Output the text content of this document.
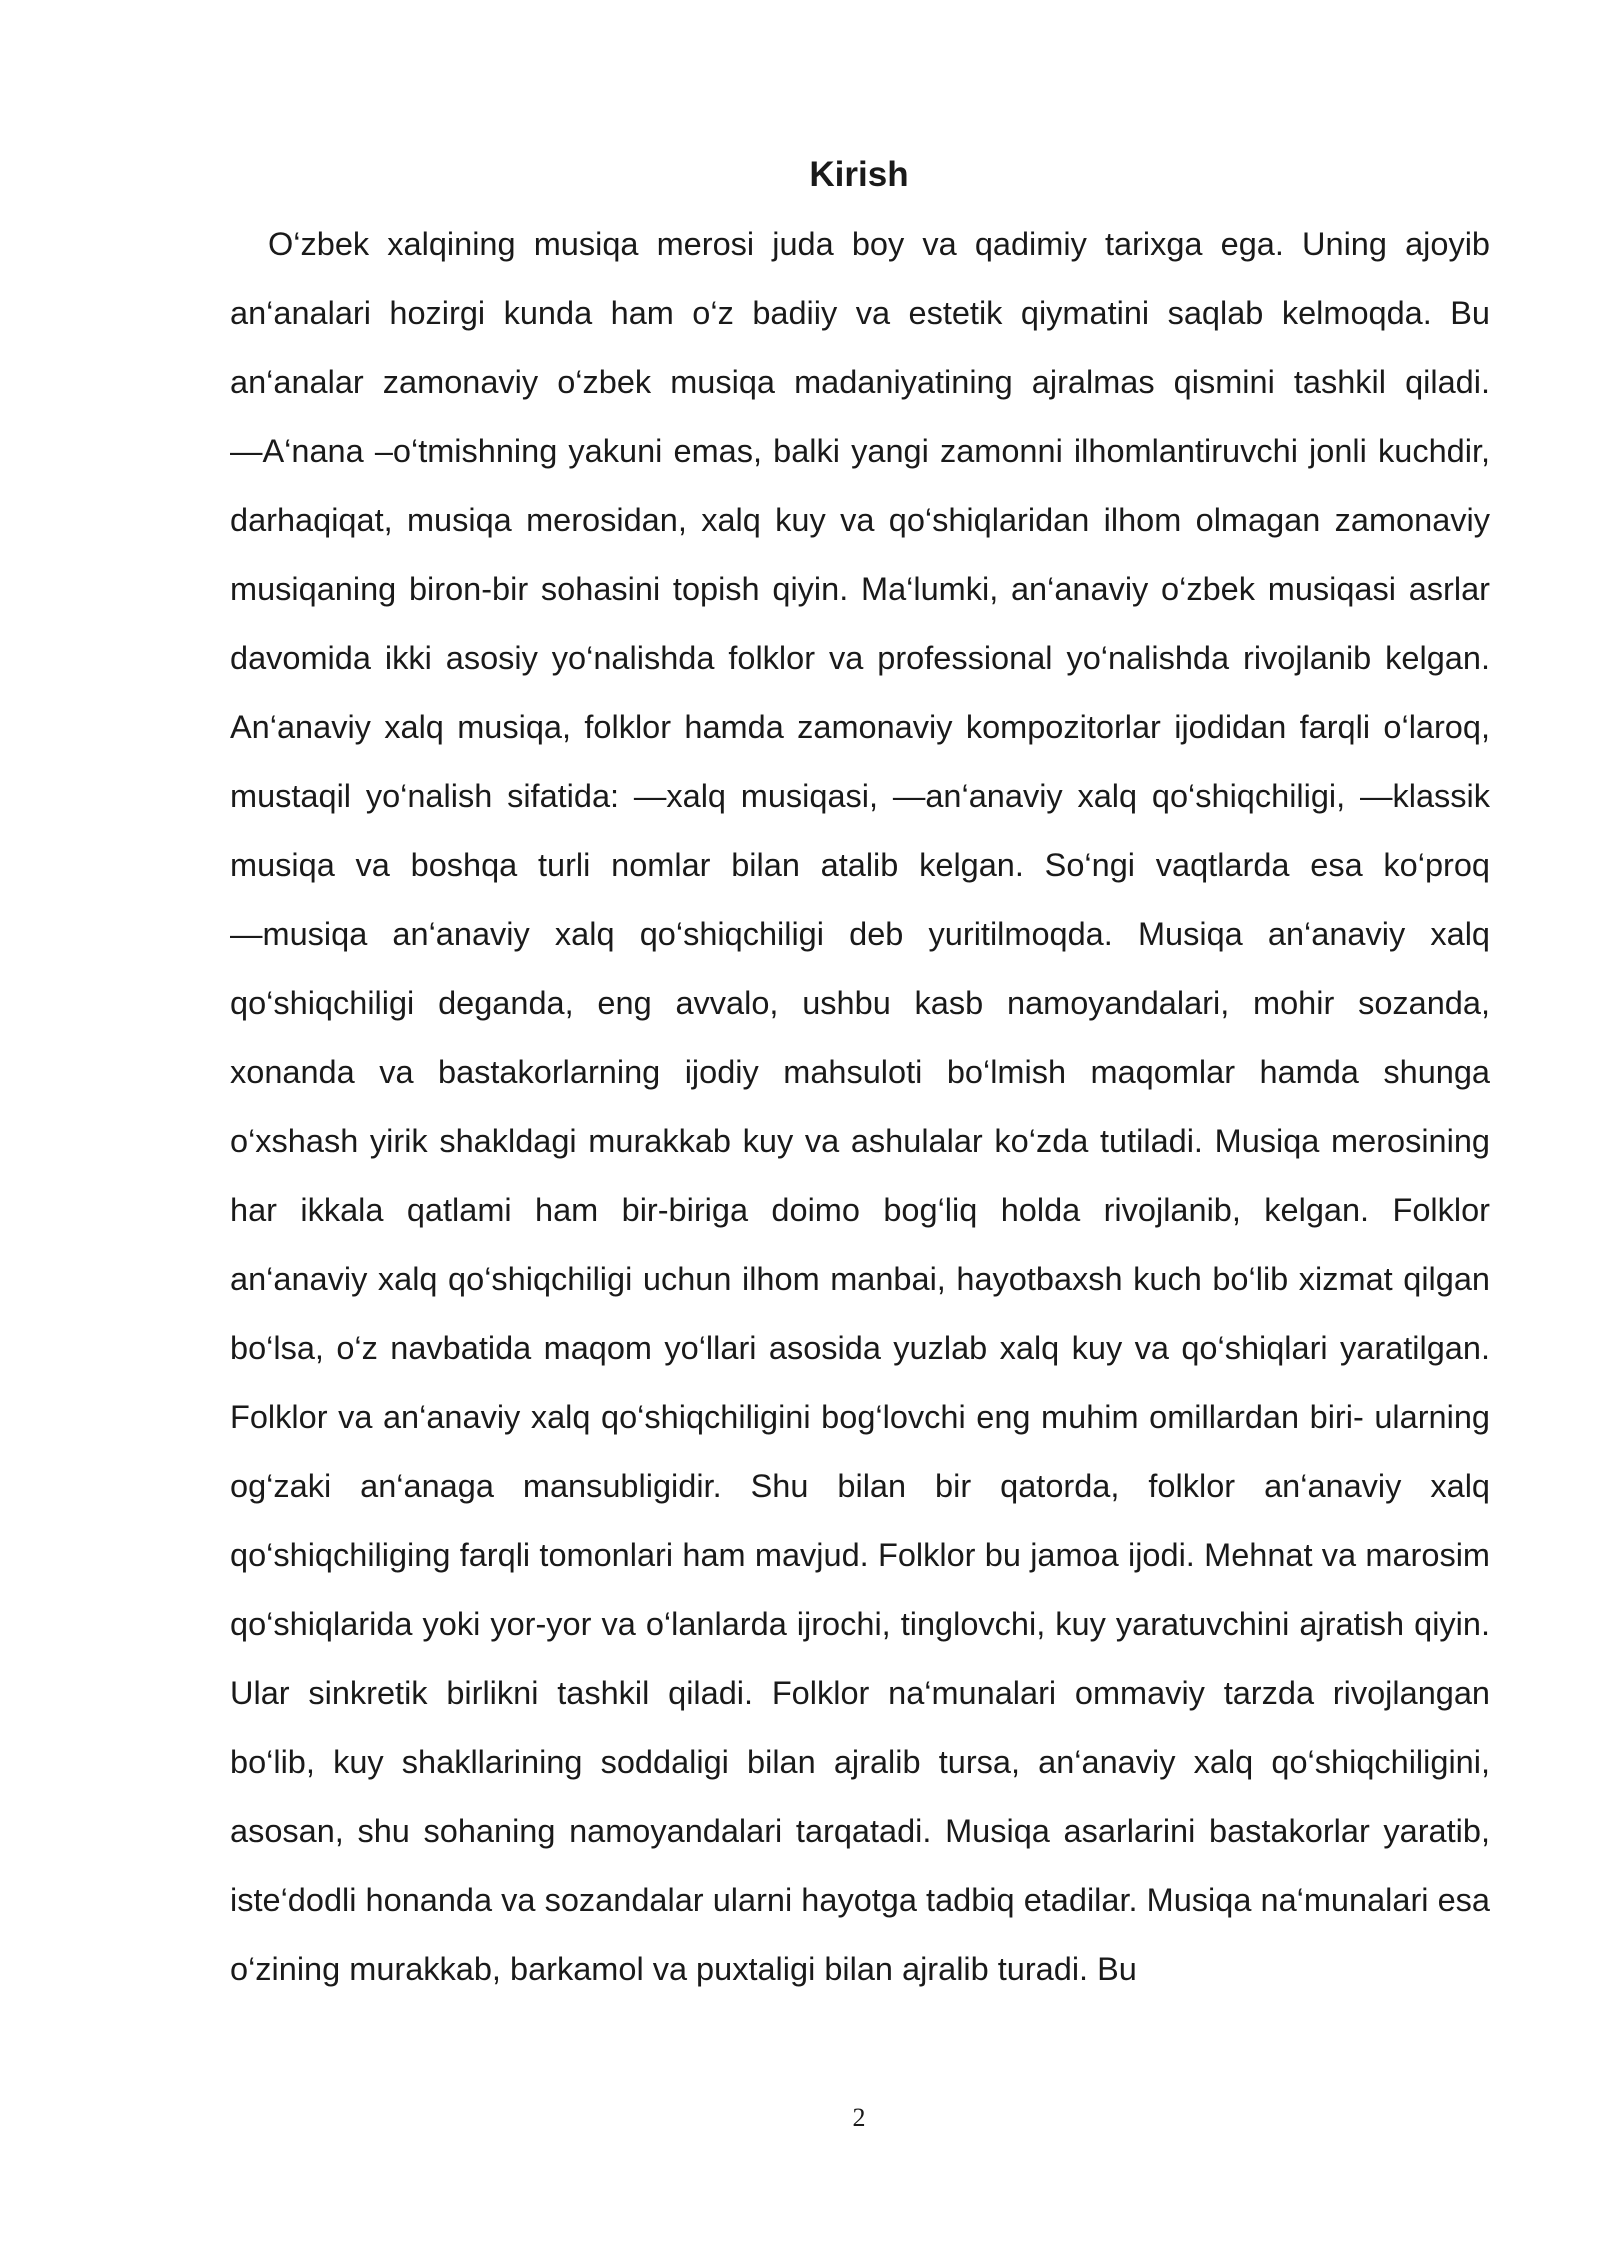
Kirish

O‘zbek xalqining musiqa merosi juda boy va qadimiy tarixga ega. Uning ajoyib an‘analari hozirgi kunda ham o‘z badiiy va estetik qiymatini saqlab kelmoqda. Bu an‘analar zamonaviy o‘zbek musiqa madaniyatining ajralmas qismini tashkil qiladi. ―A‘nana –o‘tmishning yakuni emas, balki yangi zamonni ilhomlantiruvchi jonli kuchdir, darhaqiqat, musiqa merosidan, xalq kuy va qo‘shiqlaridan ilhom olmagan zamonaviy musiqaning biron-bir sohasini topish qiyin. Ma‘lumki, an‘anaviy o‘zbek musiqasi asrlar davomida ikki asosiy yo‘nalishda folklor va professional yo‘nalishda rivojlanib kelgan. An‘anaviy xalq musiqa, folklor hamda zamonaviy kompozitorlar ijodidan farqli o‘laroq, mustaqil yo‘nalish sifatida: ―xalq musiqasi, ―an‘anaviy xalq qo‘shiqchiligi, ―klassik musiqa va boshqa turli nomlar bilan atalib kelgan. So‘ngi vaqtlarda esa ko‘proq ―musiqa an‘anaviy xalq qo‘shiqchiligi deb yuritilmoqda. Musiqa an‘anaviy xalq qo‘shiqchiligi deganda, eng avvalo, ushbu kasb namoyandalari, mohir sozanda, xonanda va bastakorlarning ijodiy mahsuloti bo‘lmish maqomlar hamda shunga o‘xshash yirik shakldagi murakkab kuy va ashulalar ko‘zda tutiladi. Musiqa merosining har ikkala qatlami ham bir-biriga doimo bog‘liq holda rivojlanib, kelgan. Folklor an‘anaviy xalq qo‘shiqchiligi uchun ilhom manbai, hayotbaxsh kuch bo‘lib xizmat qilgan bo‘lsa, o‘z navbatida maqom yo‘llari asosida yuzlab xalq kuy va qo‘shiqlari yaratilgan. Folklor va an‘anaviy xalq qo‘shiqchiligini bog‘lovchi eng muhim omillardan biri- ularning og‘zaki an‘anaga mansubligidir. Shu bilan bir qatorda, folklor an‘anaviy xalq qo‘shiqchiliging farqli tomonlari ham mavjud. Folklor bu jamoa ijodi. Mehnat va marosim qo‘shiqlarida yoki yor-yor va o‘lanlarda ijrochi, tinglovchi, kuy yaratuvchini ajratish qiyin. Ular sinkretik birlikni tashkil qiladi. Folklor na‘munalari ommaviy tarzda rivojlangan bo‘lib, kuy shakllarining soddaligi bilan ajralib tursa, an‘anaviy xalq qo‘shiqchiligini, asosan, shu sohaning namoyandalari tarqatadi. Musiqa asarlarini bastakorlar yaratib, iste‘dodli honanda va sozandalar ularni hayotga tadbiq etadilar. Musiqa na‘munalari esa o‘zining murakkab, barkamol va puxtaligi bilan ajralib turadi. Bu

2
